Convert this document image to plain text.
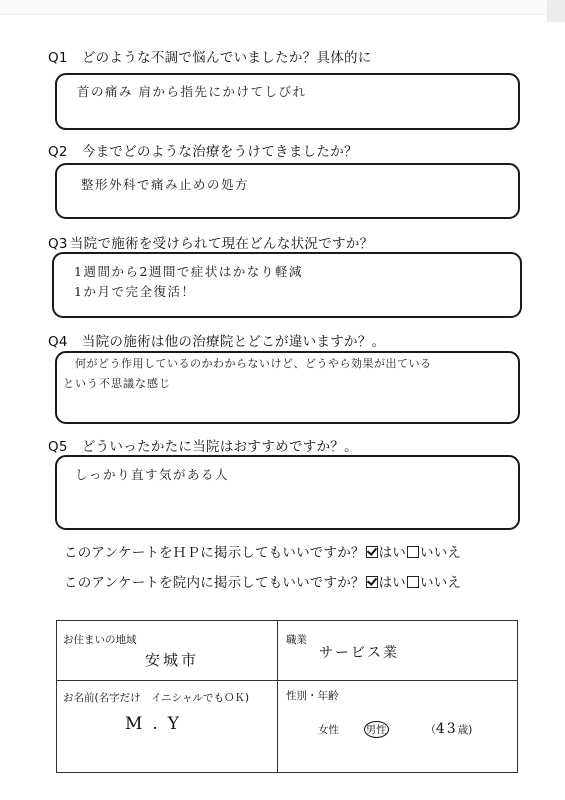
Q1 どのような不調で悩んでいましたか？具体的に
首の痛み 肩から指先にかけてしびれ
Q2 今までどのような治療をうけてきましたか？
整形外科で痛み止めの処方
Q3 当院で施術を受けられて現在どんな状況ですか？
1週間から2週間で症状はかなり軽減
1か月で完全復活！
Q4 当院の施術は他の治療院とどこが違いますか？。
何がどう作用しているのかわからないけど、どうやら効果が出ている
という不思議な感じ
Q5 どういったかたに当院はおすすめですか？。
しっかり直す気がある人
このアンケートをＨＰに掲示してもいいですか？ はい いいえ
このアンケートを院内に掲示してもいいですか？ はい いいえ
お住まいの地域
安城市
職業
サービス業
お名前(名字だけ　イニシャルでもＯＫ)
M.Y
性別・年齢
女性	男性	（43歳)
